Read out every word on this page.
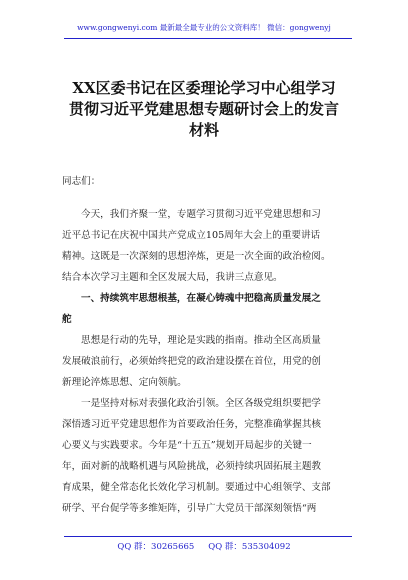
www.gongwenyi.com 最新最全最专业的公文资料库！ 微信：gongwenyj
XX区委书记在区委理论学习中心组学习
贯彻习近平党建思想专题研讨会上的发言
材料
同志们：
今天，我们齐聚一堂，专题学习贯彻习近平党建思想和习
近平总书记在庆祝中国共产党成立105周年大会上的重要讲话
精神。这既是一次深刻的思想淬炼，更是一次全面的政治检阅。
结合本次学习主题和全区发展大局，我讲三点意见。
一、持续筑牢思想根基，在凝心铸魂中把稳高质量发展之
舵
思想是行动的先导，理论是实践的指南。推动全区高质量
发展破浪前行，必须始终把党的政治建设摆在首位，用党的创
新理论淬炼思想、定向领航。
一是坚持对标对表强化政治引领。全区各级党组织要把学
深悟透习近平党建思想作为首要政治任务，完整准确掌握其核
心要义与实践要求。今年是“十五五”规划开局起步的关键一
年，面对新的战略机遇与风险挑战，必须持续巩固拓展主题教
育成果，健全常态化长效化学习机制。要通过中心组领学、支部
研学、平台促学等多维矩阵，引导广大党员干部深刻领悟“两
QQ 群：30265665 QQ 群：535304092
